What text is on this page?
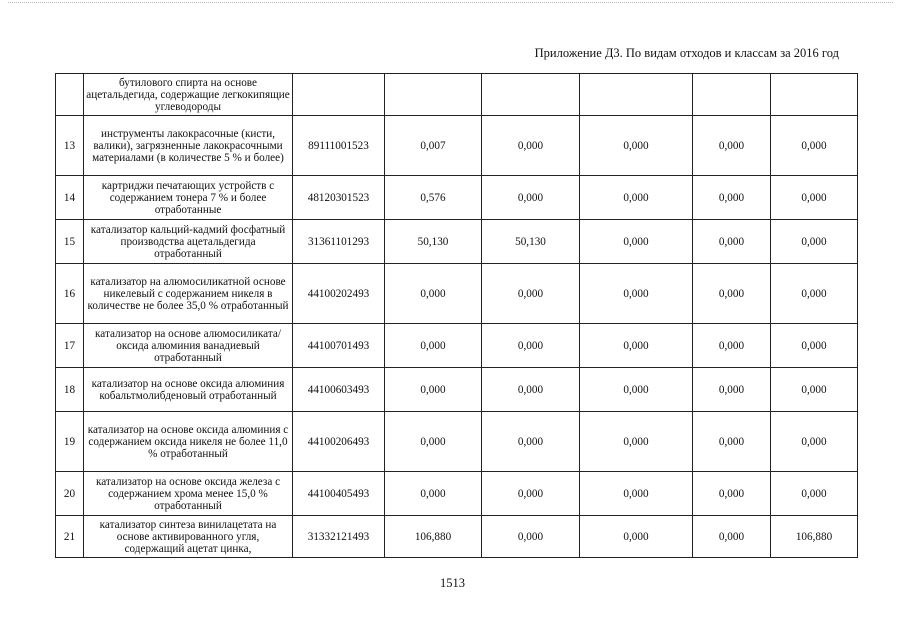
Приложение Д3. По видам отходов и классам за 2016 год
	бутилового спирта на основе ацетальдегида, содержащие легкокипящие углеводороды						
13	инструменты лакокрасочные (кисти, валики), загрязненные лакокрасочными материалами (в количестве 5 % и более)	89111001523	0,007	0,000	0,000	0,000	0,000
14	картриджи печатающих устройств с содержанием тонера 7 % и более отработанные	48120301523	0,576	0,000	0,000	0,000	0,000
15	катализатор кальций-кадмий фосфатный производства ацетальдегида отработанный	31361101293	50,130	50,130	0,000	0,000	0,000
16	катализатор на алюмосиликатной основе никелевый с содержанием никеля в количестве не более 35,0 % отработанный	44100202493	0,000	0,000	0,000	0,000	0,000
17	катализатор на основе алюмосиликата/оксида алюминия ванадиевый отработанный	44100701493	0,000	0,000	0,000	0,000	0,000
18	катализатор на основе оксида алюминия кобальтмолибденовый отработанный	44100603493	0,000	0,000	0,000	0,000	0,000
19	катализатор на основе оксида алюминия с содержанием оксида никеля не более 11,0 % отработанный	44100206493	0,000	0,000	0,000	0,000	0,000
20	катализатор на основе оксида железа с содержанием хрома менее 15,0 % отработанный	44100405493	0,000	0,000	0,000	0,000	0,000
21	катализатор синтеза винилацетата на основе активированного угля, содержащий ацетат цинка,	31332121493	106,880	0,000	0,000	0,000	106,880
1513
